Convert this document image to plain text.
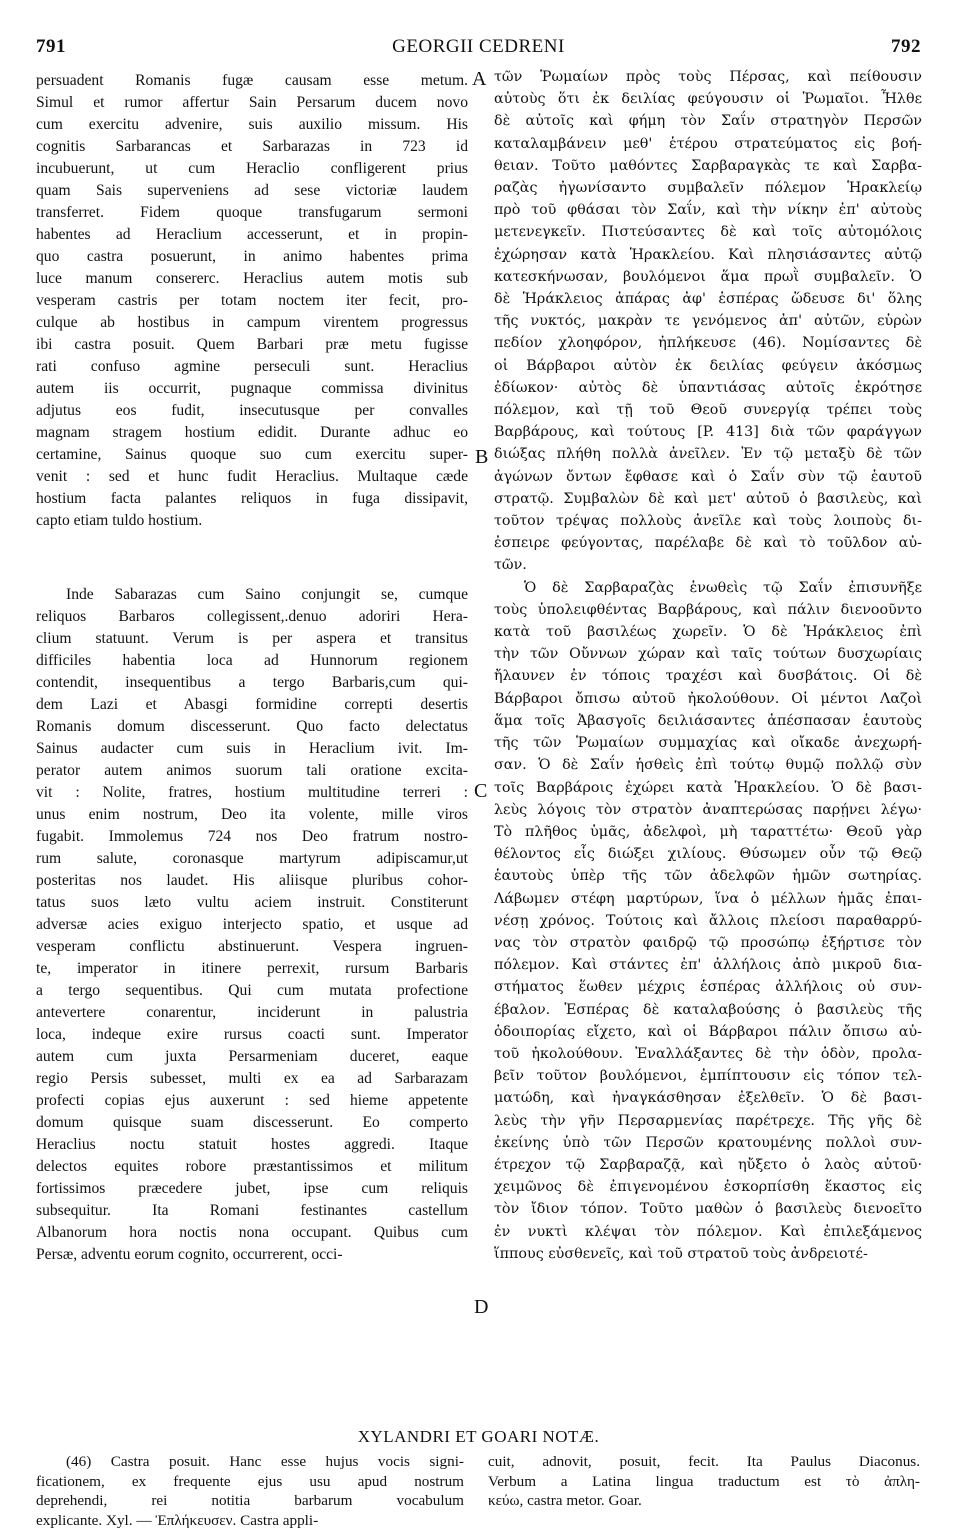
791	GEORGII CEDRENI	792
persuadent Romanis fugæ causam esse metum.
Simul et rumor affertur Sain Persarum ducem novo
cum exercitu advenire, suis auxilio missum. His
cognitis Sarbarancas et Sarbarazas in 723 id
incubuerunt, ut cum Heraclio confligerent prius
quam Sais superveniens ad sese victoriæ laudem
transferret. Fidem quoque transfugarum sermoni
habentes ad Heraclium accesserunt, et in propin-
quo castra posuerunt, in animo habentes prima
luce manum consererc. Heraclius autem motis sub
vesperam castris per totam noctem iter fecit, pro-
culque ab hostibus in campum virentem progressus
ibi castra posuit. Quem Barbari præ metu fugisse
rati confuso agmine perseculi sunt. Heraclius
autem iis occurrit, pugnaque commissa divinitus
adjutus eos fudit, insecutusque per convalles
magnam stragem hostium edidit. Durante adhuc eo
certamine, Sainus quoque suo cum exercitu super-
venit : sed et hunc fudit Heraclius. Multaque cæde
hostium facta palantes reliquos in fuga dissipavit,
capto etiam tuldo hostium.
Inde Sabarazas cum Saino conjungit se, cumque
reliquos Barbaros collegissent,.denuo adoriri Hera-
clium statuunt. Verum is per aspera et transitus
difficiles habentia loca ad Hunnorum regionem
contendit, insequentibus a tergo Barbaris,cum qui-
dem Lazi et Abasgi formidine correpti desertis
Romanis domum discesserunt. Quo facto delectatus
Sainus audacter cum suis in Heraclium ivit. Im-
perator autem animos suorum tali oratione excita-
vit : Nolite, fratres, hostium multitudine terreri :
unus enim nostrum, Deo ita volente, mille viros
fugabit. Immolemus 724 nos Deo fratrum nostro-
rum salute, coronasque martyrum adipiscamur,ut
posteritas nos laudet. His aliisque pluribus cohor-
tatus suos læto vultu aciem instruit. Constiterunt
adversæ acies exiguo interjecto spatio, et usque ad
vesperam conflictu abstinuerunt. Vespera ingruen-
te, imperator in itinere perrexit, rursum Barbaris
a tergo sequentibus. Qui cum mutata profectione
antevertere conarentur, inciderunt in palustria
loca, indeque exire rursus coacti sunt. Imperator
autem cum juxta Persarmeniam duceret, eaque
regio Persis subesset, multi ex ea ad Sarbarazam
profecti copias ejus auxerunt : sed hieme appetente
domum quisque suam discesserunt. Eo comperto
Heraclius noctu statuit hostes aggredi. Itaque
delectos equites robore præstantissimos et militum
fortissimos præcedere jubet, ipse cum reliquis
subsequitur. Ita Romani festinantes castellum
Albanorum hora noctis nona occupant. Quibus cum
Persæ, adventu eorum cognito, occurrerent, occi-
τῶν Ῥωμαίων πρὸς τοὺς Πέρσας, καὶ πείθουσιν
αὐτοὺς ὅτι ἐκ δειλίας φεύγουσιν οἱ Ῥωμαῖοι. Ἦλθε
δὲ αὐτοῖς καὶ φήμη τὸν Σαΐν στρατηγὸν Περσῶν
καταλαμβάνειν μεθ' ἑτέρου στρατεύματος εἰς βοή-
θειαν. Τοῦτο μαθόντες Σαρβαραγκὰς τε καὶ Σαρβα-
ραζὰς ἠγωνίσαντο συμβαλεῖν πόλεμον Ἡρακλείῳ
πρὸ τοῦ φθάσαι τὸν Σαΐν, καὶ τὴν νίκην ἐπ' αὐτοὺς
μετενεγκεῖν. Πιστεύσαντες δὲ καὶ τοῖς αὐτομόλοις
ἐχώρησαν κατὰ Ἡρακλείου. Καὶ πλησιάσαντες αὐτῷ
κατεσκήνωσαν, βουλόμενοι ἅμα πρωῒ συμβαλεῖν. Ὁ
δὲ Ἡράκλειος ἀπάρας ἀφ' ἑσπέρας ὥδευσε δι' ὅλης
τῆς νυκτός, μακρὰν τε γενόμενος ἀπ' αὐτῶν, εὑρὼν
πεδίον χλοηφόρον, ἠπλήκευσε (46). Νομίσαντες δὲ
οἱ Βάρβαροι αὐτὸν ἐκ δειλίας φεύγειν ἀκόσμως
ἐδίωκον· αὐτὸς δὲ ὑπαντιάσας αὐτοῖς ἐκρότησε
πόλεμον, καὶ τῇ τοῦ Θεοῦ συνεργίᾳ τρέπει τοὺς
Βαρβάρους, καὶ τούτους [P. 413] διὰ τῶν φαράγγων
διώξας πλήθη πολλὰ ἀνεῖλεν. Ἐν τῷ μεταξὺ δὲ τῶν
ἀγώνων ὄντων ἔφθασε καὶ ὁ Σαΐν σὺν τῷ ἑαυτοῦ
στρατῷ. Συμβαλὼν δὲ καὶ μετ' αὐτοῦ ὁ βασιλεὺς, καὶ
τοῦτον τρέψας πολλοὺς ἀνεῖλε καὶ τοὺς λοιποὺς δι-
ἐσπειρε φεύγοντας, παρέλαβε δὲ καὶ τὸ τοῦλδον αὐ-
τῶν.
Ὁ δὲ Σαρβαραζὰς ἑνωθεὶς τῷ Σαΐν ἐπισυνῆξε
τοὺς ὑπολειφθέντας Βαρβάρους, καὶ πάλιν διενοοῦντο
κατὰ τοῦ βασιλέως χωρεῖν. Ὁ δὲ Ἡράκλειος ἐπὶ
τὴν τῶν Οὔννων χώραν καὶ ταῖς τούτων δυσχωρίαις
ἤλαυνεν ἐν τόποις τραχέσι καὶ δυσβάτοις. Οἱ δὲ
Βάρβαροι ὄπισω αὐτοῦ ἠκολούθουν. Οἱ μέντοι Λαζοὶ
ἅμα τοῖς Ἀβασγοῖς δειλιάσαντες ἀπέσπασαν ἑαυτοὺς
τῆς τῶν Ῥωμαίων συμμαχίας καὶ οἴκαδε ἀνεχωρή-
σαν. Ὁ δὲ Σαΐν ἡσθεὶς ἐπὶ τούτῳ θυμῷ πολλῷ σὺν
τοῖς Βαρβάροις ἐχώρει κατὰ Ἡρακλείου. Ὁ δὲ βασι-
λεὺς λόγοις τὸν στρατὸν ἀναπτερώσας παρῄνει λέγω·
Τὸ πλῆθος ὑμᾶς, ἀδελφοὶ, μὴ ταραττέτω· Θεοῦ γὰρ
θέλοντος εἷς διώξει χιλίους. Θύσωμεν οὖν τῷ Θεῷ
ἑαυτοὺς ὑπὲρ τῆς τῶν ἀδελφῶν ἡμῶν σωτηρίας.
Λάβωμεν στέφη μαρτύρων, ἵνα ὁ μέλλων ἡμᾶς ἐπαι-
νέσῃ χρόνος. Τούτοις καὶ ἄλλοις πλείοσι παραθαρρύ-
νας τὸν στρατὸν φαιδρῷ τῷ προσώπῳ ἐξήρτισε τὸν
πόλεμον. Καὶ στάντες ἐπ' ἀλλήλοις ἀπὸ μικροῦ δια-
στήματος ἕωθεν μέχρις ἑσπέρας ἀλλήλοις οὐ συν-
έβαλον. Ἑσπέρας δὲ καταλαβούσης ὁ βασιλεὺς τῆς
ὁδοιπορίας εἴχετο, καὶ οἱ Βάρβαροι πάλιν ὄπισω αὐ-
τοῦ ἠκολούθουν. Ἐναλλάξαντες δὲ τὴν ὁδὸν, προλα-
βεῖν τοῦτον βουλόμενοι, ἐμπίπτουσιν εἰς τόπον τελ-
ματώδη, καὶ ἠναγκάσθησαν ἐξελθεῖν. Ὁ δὲ βασι-
λεὺς τὴν γῆν Περσαρμενίας παρέτρεχε. Τῆς γῆς δὲ
ἐκείνης ὑπὸ τῶν Περσῶν κρατουμένης πολλοὶ συν-
έτρεχον τῷ Σαρβαραζᾷ, καὶ ηὔξετο ὁ λαὸς αὐτοῦ·
χειμῶνος δὲ ἐπιγενομένου ἐσκορπίσθη ἕκαστος εἰς
τὸν ἴδιον τόπον. Τοῦτο μαθὼν ὁ βασιλεὺς διενοεῖτο
ἐν νυκτὶ κλέψαι τὸν πόλεμον. Καὶ ἐπιλεξάμενος
ἵππους εὐσθενεῖς, καὶ τοῦ στρατοῦ τοὺς ἀνδρειοτέ-
A
B
C
D
XYLANDRI ET GOARI NOTÆ.
(46) Castra posuit. Hanc esse hujus vocis signi-
ficationem, ex frequente ejus usu apud nostrum
deprehendi, rei notitia barbarum vocabulum
explicante. Xyl. — Ἐπλήκευσεν. Castra appli-
cuit, adnovit, posuit, fecit. Ita Paulus Diaconus.
Verbum a Latina lingua traductum est τὸ ἀπλη-
κεύω, castra metor. Goar.
